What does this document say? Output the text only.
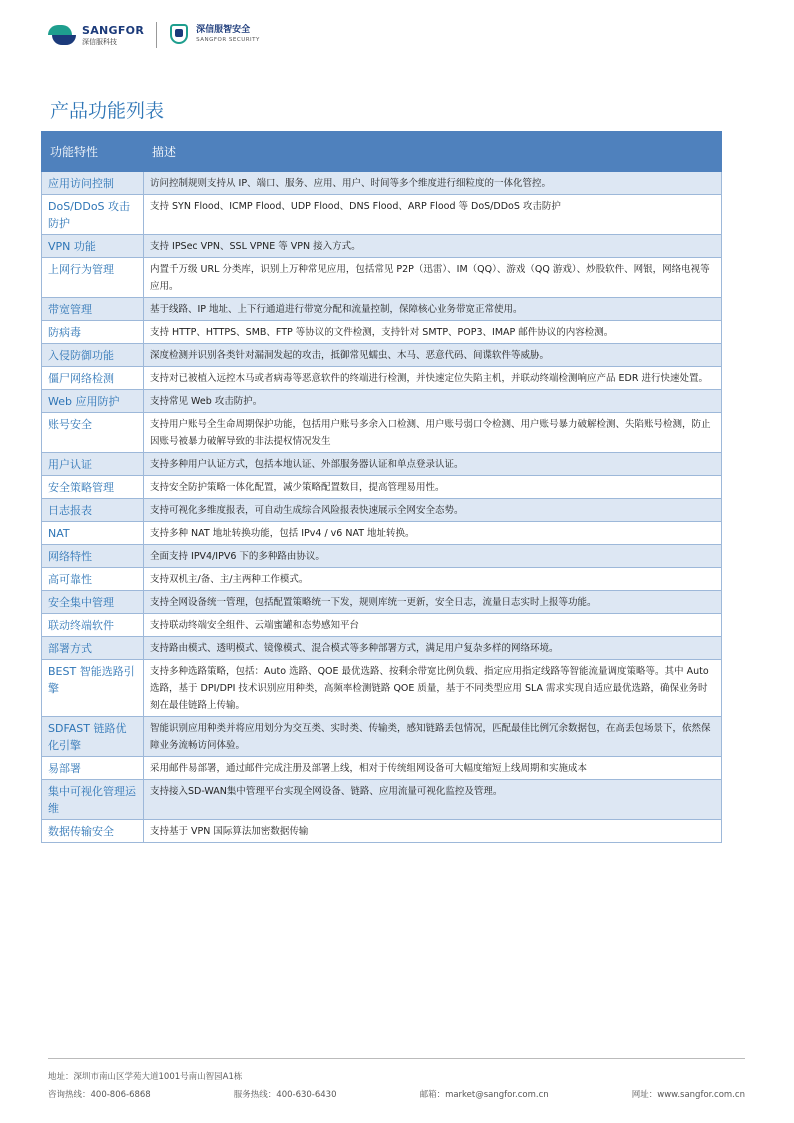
SANGFOR
深信服科技
深信服智安全
SANGFOR SECURITY
产品功能列表
功能特性	描述
应用访问控制	访问控制规则支持从 IP、端口、服务、应用、用户、时间等多个维度进行细粒度的一体化管控。
DoS/DDoS 攻击防护	支持 SYN Flood、ICMP Flood、UDP Flood、DNS Flood、ARP Flood 等 DoS/DDoS 攻击防护
VPN 功能	支持 IPSec VPN、SSL VPNE 等 VPN 接入方式。
上网行为管理	内置千万级 URL 分类库，识别上万种常见应用，包括常见 P2P（迅雷）、IM（QQ）、游戏（QQ 游戏）、炒股软件、网银，网络电视等应用。
带宽管理	基于线路、IP 地址、上下行通道进行带宽分配和流量控制，保障核心业务带宽正常使用。
防病毒	支持 HTTP、HTTPS、SMB、FTP 等协议的文件检测，支持针对 SMTP、POP3、IMAP 邮件协议的内容检测。
入侵防御功能	深度检测并识别各类针对漏洞发起的攻击，抵御常见蠕虫、木马、恶意代码、间谍软件等威胁。
僵尸网络检测	支持对已被植入远控木马或者病毒等恶意软件的终端进行检测，并快速定位失陷主机，并联动终端检测响应产品 EDR 进行快速处置。
Web 应用防护	支持常见 Web 攻击防护。
账号安全	支持用户账号全生命周期保护功能，包括用户账号多余入口检测、用户账号弱口令检测、用户账号暴力破解检测、失陷账号检测，防止因账号被暴力破解导致的非法提权情况发生
用户认证	支持多种用户认证方式，包括本地认证、外部服务器认证和单点登录认证。
安全策略管理	支持安全防护策略一体化配置，减少策略配置数目，提高管理易用性。
日志报表	支持可视化多维度报表，可自动生成综合风险报表快速展示全网安全态势。
NAT	支持多种 NAT 地址转换功能，包括 IPv4 / v6 NAT 地址转换。
网络特性	全面支持 IPV4/IPV6 下的多种路由协议。
高可靠性	支持双机主/备、主/主两种工作模式。
安全集中管理	支持全网设备统一管理，包括配置策略统一下发，规则库统一更新，安全日志，流量日志实时上报等功能。
联动终端软件	支持联动终端安全组件、云端蜜罐和态势感知平台
部署方式	支持路由模式、透明模式、镜像模式、混合模式等多种部署方式，满足用户复杂多样的网络环境。
BEST 智能选路引擎	支持多种选路策略，包括：Auto 选路、QOE 最优选路、按剩余带宽比例负载、指定应用指定线路等智能流量调度策略等。其中 Auto 选路，基于 DPI/DPI 技术识别应用种类，高频率检测链路 QOE 质量，基于不同类型应用 SLA 需求实现自适应最优选路，确保业务时刻在最佳链路上传输。
SDFAST 链路优化引擎	智能识别应用种类并将应用划分为交互类、实时类、传输类，感知链路丢包情况，匹配最佳比例冗余数据包，在高丢包场景下，依然保障业务流畅访问体验。
易部署	采用邮件易部署，通过邮件完成注册及部署上线，相对于传统组网设备可大幅度缩短上线周期和实施成本
集中可视化管理运维	支持接入SD-WAN集中管理平台实现全网设备、链路、应用流量可视化监控及管理。
数据传输安全	支持基于 VPN 国际算法加密数据传输
地址：深圳市南山区学苑大道1001号南山智园A1栋
咨询热线：400-806-6868	服务热线：400-630-6430	邮箱：market@sangfor.com.cn	网址：www.sangfor.com.cn
